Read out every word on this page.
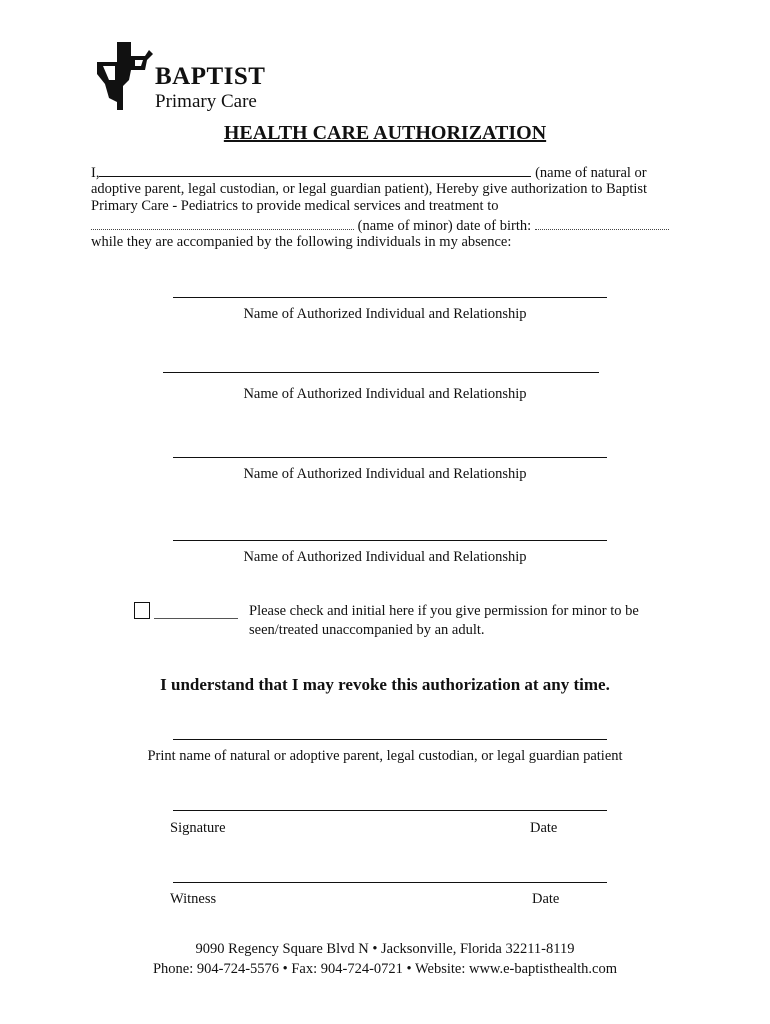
BAPTIST
Primary Care
HEALTH CARE AUTHORIZATION
I,	(name of natural or
adoptive parent, legal custodian, or legal guardian patient), Hereby give authorization to Baptist
Primary Care - Pediatrics to provide medical services and treatment to
(name of minor) date of birth:
while they are accompanied by the following individuals in my absence:
Name of Authorized Individual and Relationship
Name of Authorized Individual and Relationship
Name of Authorized Individual and Relationship
Name of Authorized Individual and Relationship
Please check and initial here if you give permission for minor to be
seen/treated unaccompanied by an adult.
I understand that I may revoke this authorization at any time.
Print name of natural or adoptive parent, legal custodian, or legal guardian patient
Signature	Date
Witness	Date
9090 Regency Square Blvd N • Jacksonville, Florida 32211-8119
Phone: 904-724-5576 • Fax: 904-724-0721 • Website: www.e-baptisthealth.com
